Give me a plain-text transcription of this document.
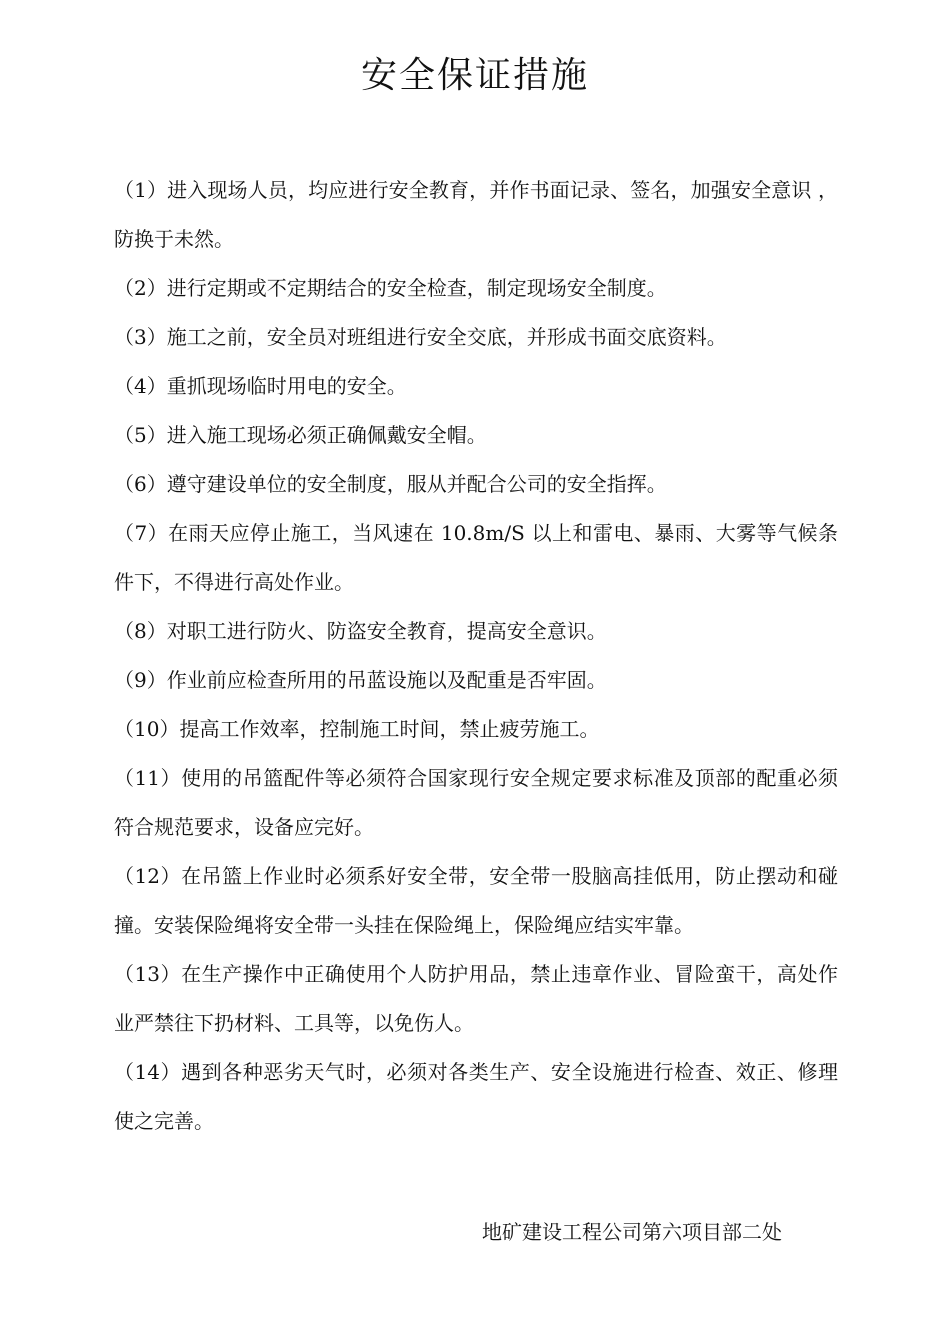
安全保证措施

（1）进入现场人员，均应进行安全教育，并作书面记录、签名，加强安全意识 ，防换于未然。

（2）进行定期或不定期结合的安全检查，制定现场安全制度。

（3）施工之前，安全员对班组进行安全交底，并形成书面交底资料。

（4）重抓现场临时用电的安全。

（5）进入施工现场必须正确佩戴安全帽。

（6）遵守建设单位的安全制度，服从并配合公司的安全指挥。

（7）在雨天应停止施工，当风速在 10.8m/S 以上和雷电、暴雨、大雾等气候条件下，不得进行高处作业。

（8）对职工进行防火、防盗安全教育，提高安全意识。

（9）作业前应检查所用的吊蓝设施以及配重是否牢固。

（10）提高工作效率，控制施工时间，禁止疲劳施工。

（11）使用的吊篮配件等必须符合国家现行安全规定要求标准及顶部的配重必须符合规范要求，设备应完好。

（12）在吊篮上作业时必须系好安全带，安全带一股脑高挂低用，防止摆动和碰撞。安装保险绳将安全带一头挂在保险绳上，保险绳应结实牢靠。

（13）在生产操作中正确使用个人防护用品，禁止违章作业、冒险蛮干，高处作业严禁往下扔材料、工具等，以免伤人。

（14）遇到各种恶劣天气时，必须对各类生产、安全设施进行检查、效正、修理使之完善。

地矿建设工程公司第六项目部二处
